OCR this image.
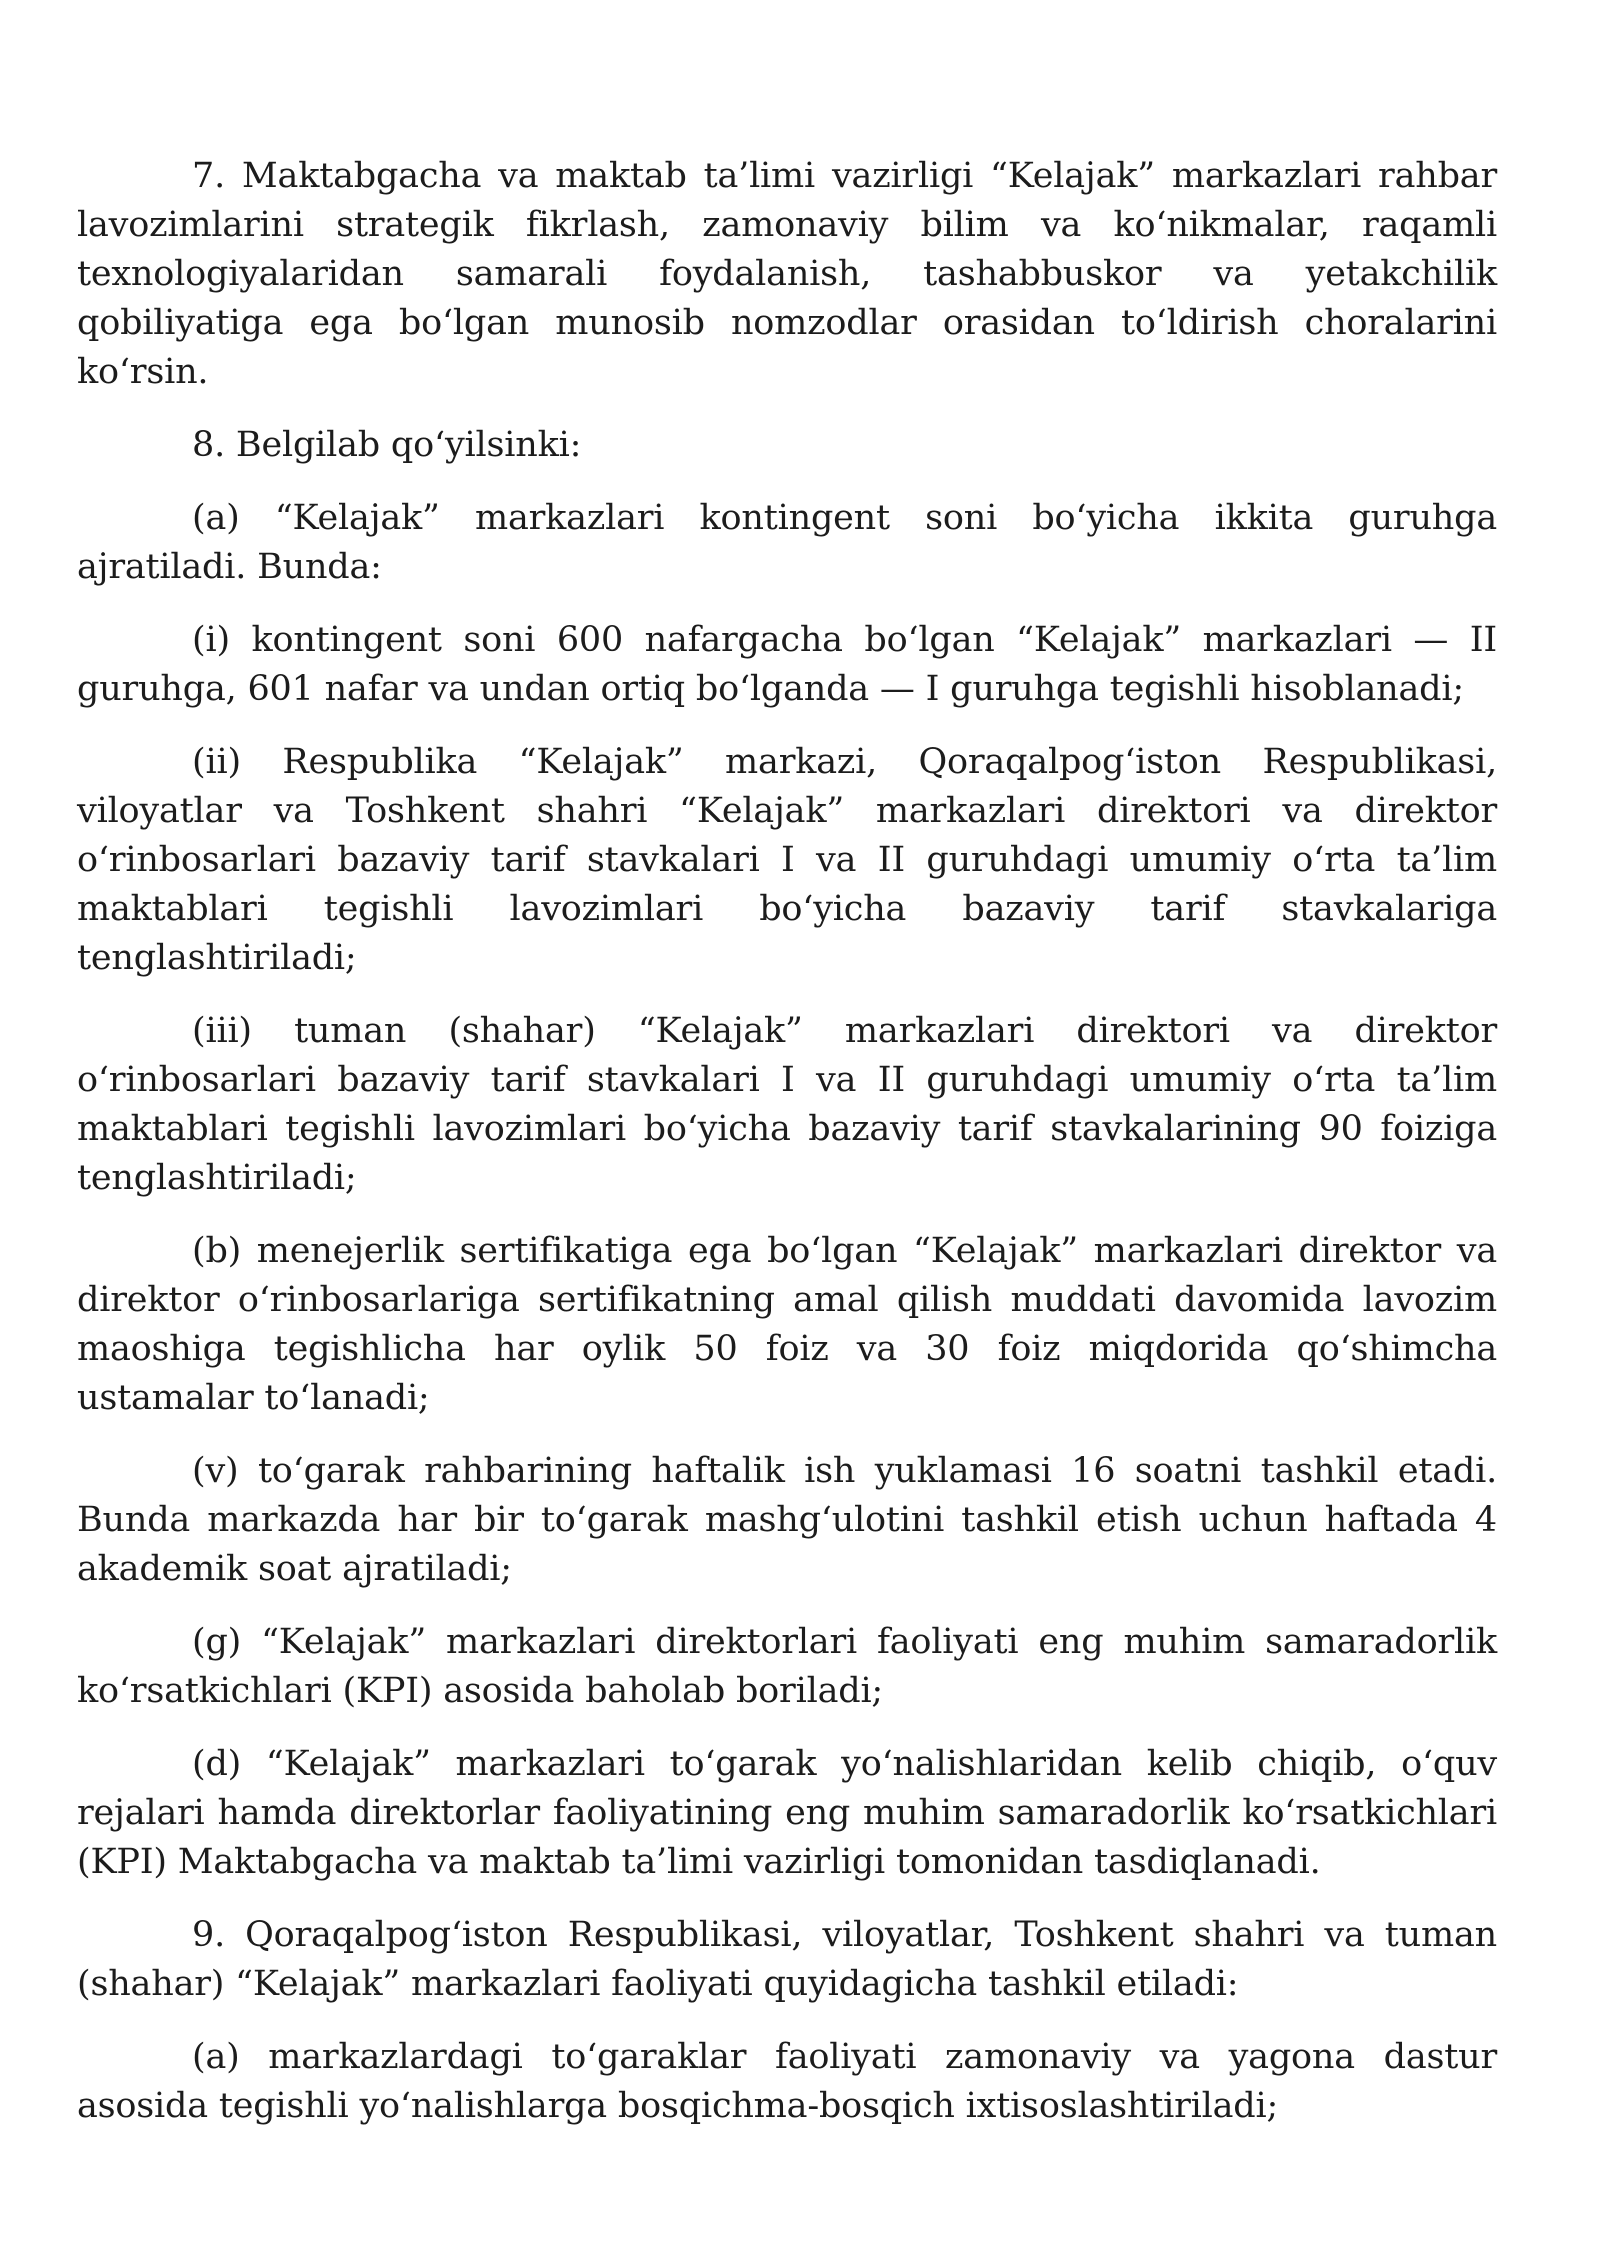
7. Maktabgacha va maktab ta’limi vazirligi “Kelajak” markazlari rahbar lavozimlarini strategik fikrlash, zamonaviy bilim va ko‘nikmalar, raqamli texnologiyalaridan samarali foydalanish, tashabbuskor va yetakchilik qobiliyatiga ega bo‘lgan munosib nomzodlar orasidan to‘ldirish choralarini ko‘rsin.

8. Belgilab qo‘yilsinki:

(a) “Kelajak” markazlari kontingent soni bo‘yicha ikkita guruhga ajratiladi. Bunda:

(i) kontingent soni 600 nafargacha bo‘lgan “Kelajak” markazlari — II guruhga, 601 nafar va undan ortiq bo‘lganda — I guruhga tegishli hisoblanadi;

(ii) Respublika “Kelajak” markazi, Qoraqalpog‘iston Respublikasi, viloyatlar va Toshkent shahri “Kelajak” markazlari direktori va direktor o‘rinbosarlari bazaviy tarif stavkalari I va II guruhdagi umumiy o‘rta ta’lim maktablari tegishli lavozimlari bo‘yicha bazaviy tarif stavkalariga tenglashtiriladi;

(iii) tuman (shahar) “Kelajak” markazlari direktori va direktor o‘rinbosarlari bazaviy tarif stavkalari I va II guruhdagi umumiy o‘rta ta’lim maktablari tegishli lavozimlari bo‘yicha bazaviy tarif stavkalarining 90 foiziga tenglashtiriladi;

(b) menejerlik sertifikatiga ega bo‘lgan “Kelajak” markazlari direktor va direktor o‘rinbosarlariga sertifikatning amal qilish muddati davomida lavozim maoshiga tegishlicha har oylik 50 foiz va 30 foiz miqdorida qo‘shimcha ustamalar to‘lanadi;

(v) to‘garak rahbarining haftalik ish yuklamasi 16 soatni tashkil etadi. Bunda markazda har bir to‘garak mashg‘ulotini tashkil etish uchun haftada 4 akademik soat ajratiladi;

(g) “Kelajak” markazlari direktorlari faoliyati eng muhim samaradorlik ko‘rsatkichlari (KPI) asosida baholab boriladi;

(d) “Kelajak” markazlari to‘garak yo‘nalishlaridan kelib chiqib, o‘quv rejalari hamda direktorlar faoliyatining eng muhim samaradorlik ko‘rsatkichlari (KPI) Maktabgacha va maktab ta’limi vazirligi tomonidan tasdiqlanadi.

9. Qoraqalpog‘iston Respublikasi, viloyatlar, Toshkent shahri va tuman (shahar) “Kelajak” markazlari faoliyati quyidagicha tashkil etiladi:

(a) markazlardagi to‘garaklar faoliyati zamonaviy va yagona dastur asosida tegishli yo‘nalishlarga bosqichma-bosqich ixtisoslashtiriladi;
